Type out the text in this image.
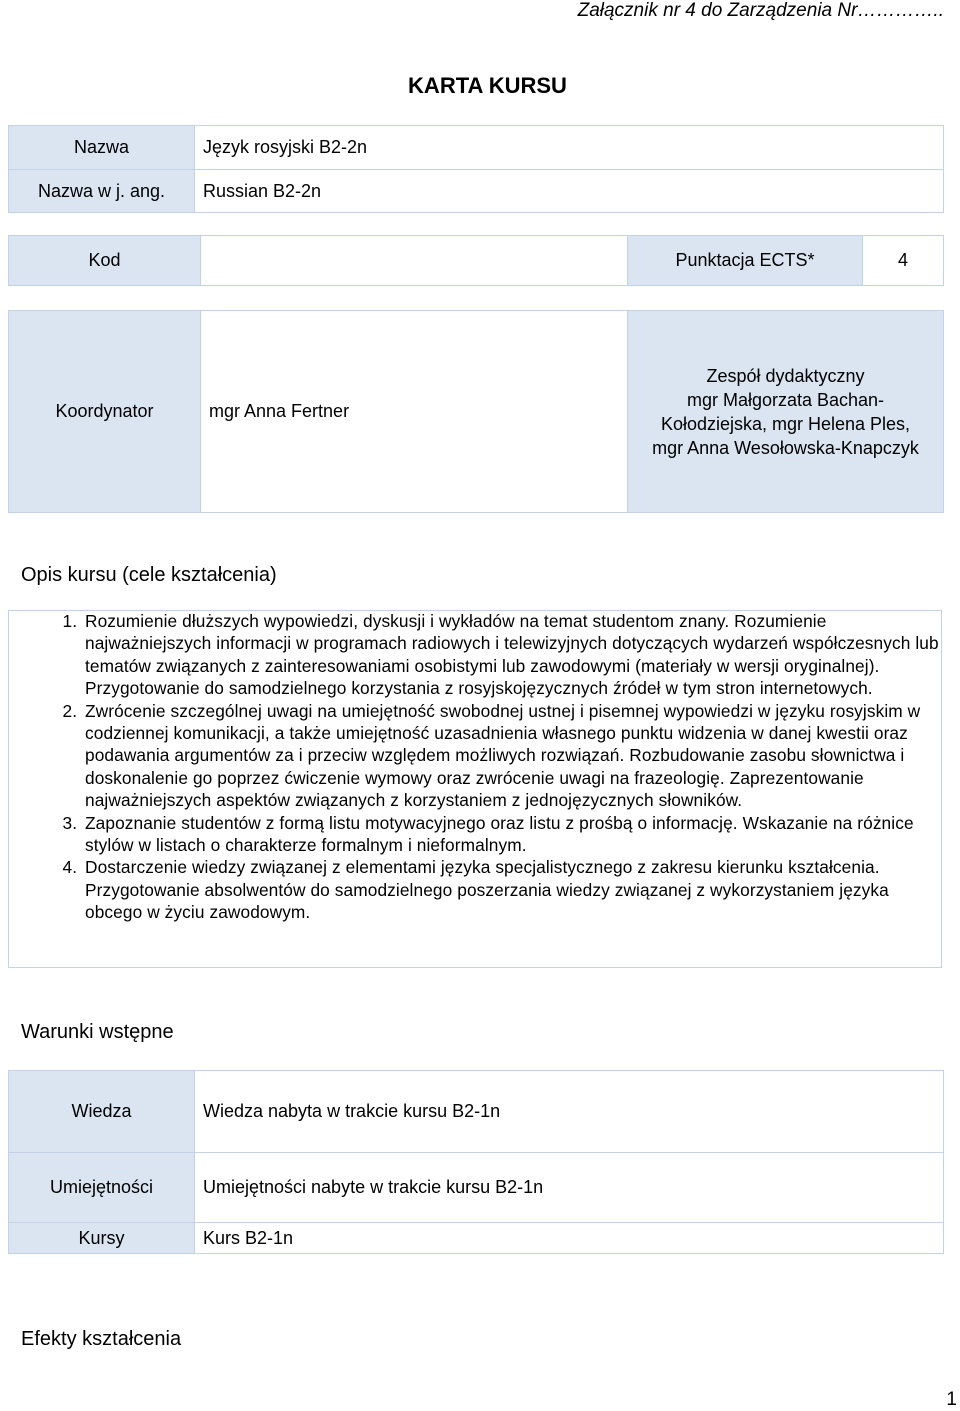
Załącznik nr 4 do Zarządzenia Nr…………..
KARTA KURSU
Nazwa	Język rosyjski B2-2n
Nazwa w j. ang.	Russian B2-2n
Kod		Punktacja ECTS*	4
Koordynator	mgr Anna Fertner	
Zespół dydaktyczny
mgr Małgorzata Bachan-Kołodziejska, mgr Helena Ples, mgr Anna Wesołowska-Knapczyk
Opis kursu (cele kształcenia)
1. Rozumienie dłuższych wypowiedzi, dyskusji i wykładów na temat studentom znany. Rozumienie najważniejszych informacji w programach radiowych i telewizyjnych dotyczących wydarzeń współczesnych lub tematów związanych z zainteresowaniami osobistymi lub zawodowymi (materiały w wersji oryginalnej). Przygotowanie do samodzielnego korzystania z rosyjskojęzycznych źródeł w tym stron internetowych.
2. Zwrócenie szczególnej uwagi na umiejętność swobodnej ustnej i pisemnej wypowiedzi w języku rosyjskim w codziennej komunikacji, a także umiejętność uzasadnienia własnego punktu widzenia w danej kwestii oraz podawania argumentów za i przeciw względem możliwych rozwiązań. Rozbudowanie zasobu słownictwa i doskonalenie go poprzez ćwiczenie wymowy oraz zwrócenie uwagi na frazeologię. Zaprezentowanie najważniejszych aspektów związanych z korzystaniem z jednojęzycznych słowników.
3. Zapoznanie studentów z formą listu motywacyjnego oraz listu z prośbą o informację. Wskazanie na różnice stylów w listach o charakterze formalnym i nieformalnym.
4. Dostarczenie wiedzy związanej z elementami języka specjalistycznego z zakresu kierunku kształcenia. Przygotowanie absolwentów do samodzielnego poszerzania wiedzy związanej z wykorzystaniem języka obcego w życiu zawodowym.
Warunki wstępne
Wiedza	Wiedza nabyta w trakcie kursu B2-1n
Umiejętności	Umiejętności nabyte w trakcie kursu B2-1n
Kursy	Kurs B2-1n
Efekty kształcenia
1
